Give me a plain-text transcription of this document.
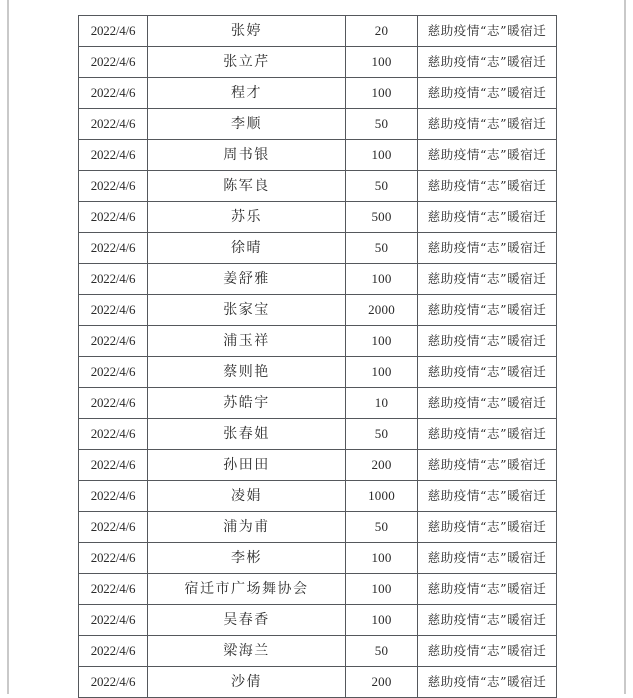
2022/4/6	张婷	20	慈助疫情“志”暖宿迁
2022/4/6	张立芹	100	慈助疫情“志”暖宿迁
2022/4/6	程才	100	慈助疫情“志”暖宿迁
2022/4/6	李顺	50	慈助疫情“志”暖宿迁
2022/4/6	周书银	100	慈助疫情“志”暖宿迁
2022/4/6	陈军良	50	慈助疫情“志”暖宿迁
2022/4/6	苏乐	500	慈助疫情“志”暖宿迁
2022/4/6	徐晴	50	慈助疫情“志”暖宿迁
2022/4/6	姜舒雅	100	慈助疫情“志”暖宿迁
2022/4/6	张家宝	2000	慈助疫情“志”暖宿迁
2022/4/6	浦玉祥	100	慈助疫情“志”暖宿迁
2022/4/6	蔡则艳	100	慈助疫情“志”暖宿迁
2022/4/6	苏皓宇	10	慈助疫情“志”暖宿迁
2022/4/6	张春姐	50	慈助疫情“志”暖宿迁
2022/4/6	孙田田	200	慈助疫情“志”暖宿迁
2022/4/6	凌娟	1000	慈助疫情“志”暖宿迁
2022/4/6	浦为甫	50	慈助疫情“志”暖宿迁
2022/4/6	李彬	100	慈助疫情“志”暖宿迁
2022/4/6	宿迁市广场舞协会	100	慈助疫情“志”暖宿迁
2022/4/6	吴春香	100	慈助疫情“志”暖宿迁
2022/4/6	梁海兰	50	慈助疫情“志”暖宿迁
2022/4/6	沙倩	200	慈助疫情“志”暖宿迁
